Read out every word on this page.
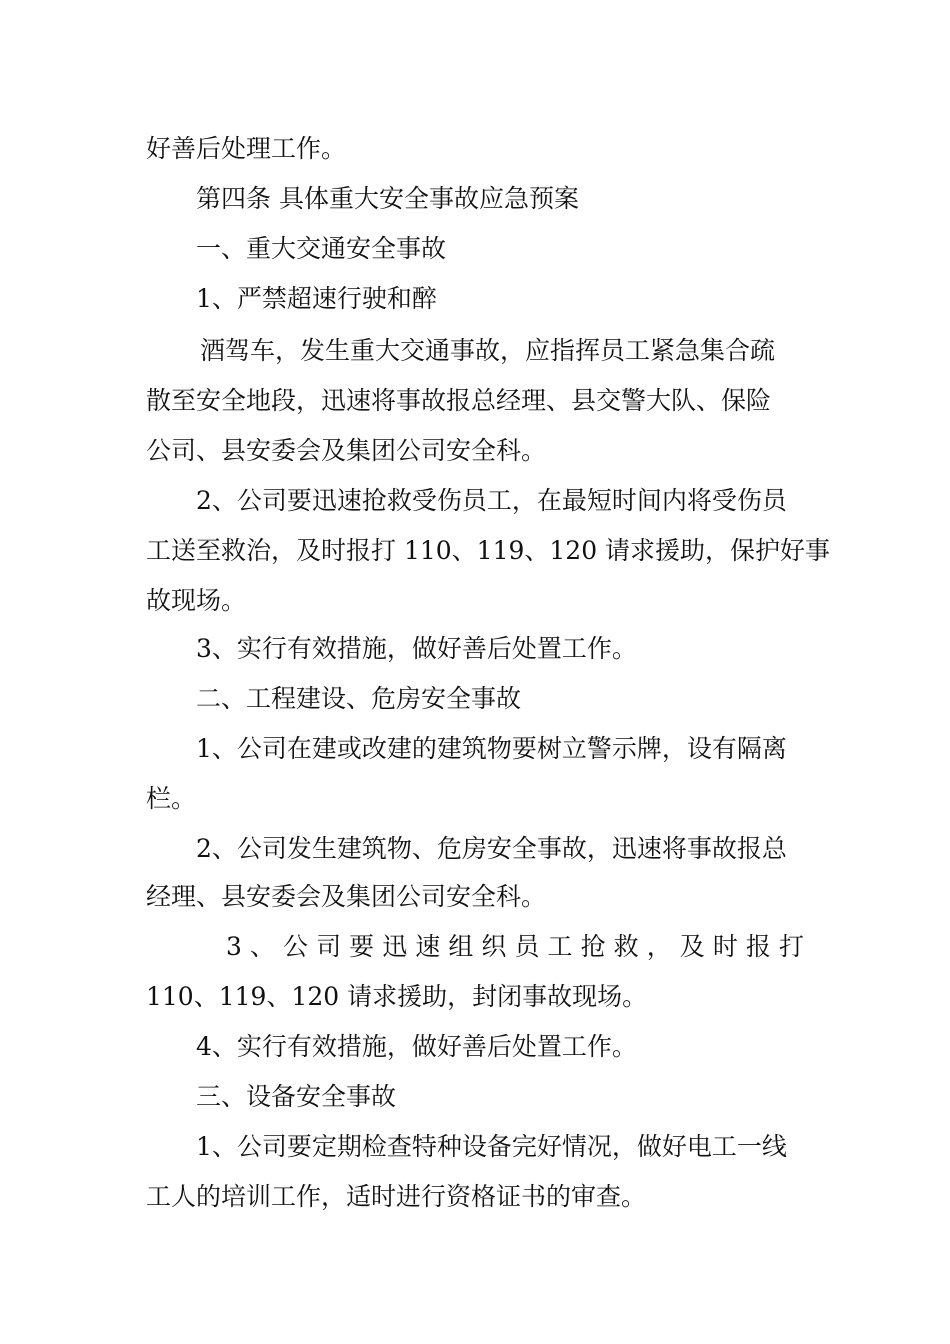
好善后处理工作。
第四条 具体重大安全事故应急预案
一、重大交通安全事故
1、严禁超速行驶和醉
酒驾车，发生重大交通事故，应指挥员工紧急集合疏
散至安全地段，迅速将事故报总经理、县交警大队、保险
公司、县安委会及集团公司安全科。
2、公司要迅速抢救受伤员工，在最短时间内将受伤员
工送至救治，及时报打 110、119、120 请求援助，保护好事
故现场。
3、实行有效措施，做好善后处置工作。
二、工程建设、危房安全事故
1、公司在建或改建的建筑物要树立警示牌，设有隔离
栏。
2、公司发生建筑物、危房安全事故，迅速将事故报总
经理、县安委会及集团公司安全科。
3 、 公 司 要 迅 速 组 织 员 工 抢 救 ， 及 时 报 打
110、119、120 请求援助，封闭事故现场。
4、实行有效措施，做好善后处置工作。
三、设备安全事故
1、公司要定期检查特种设备完好情况，做好电工一线
工人的培训工作，适时进行资格证书的审查。
